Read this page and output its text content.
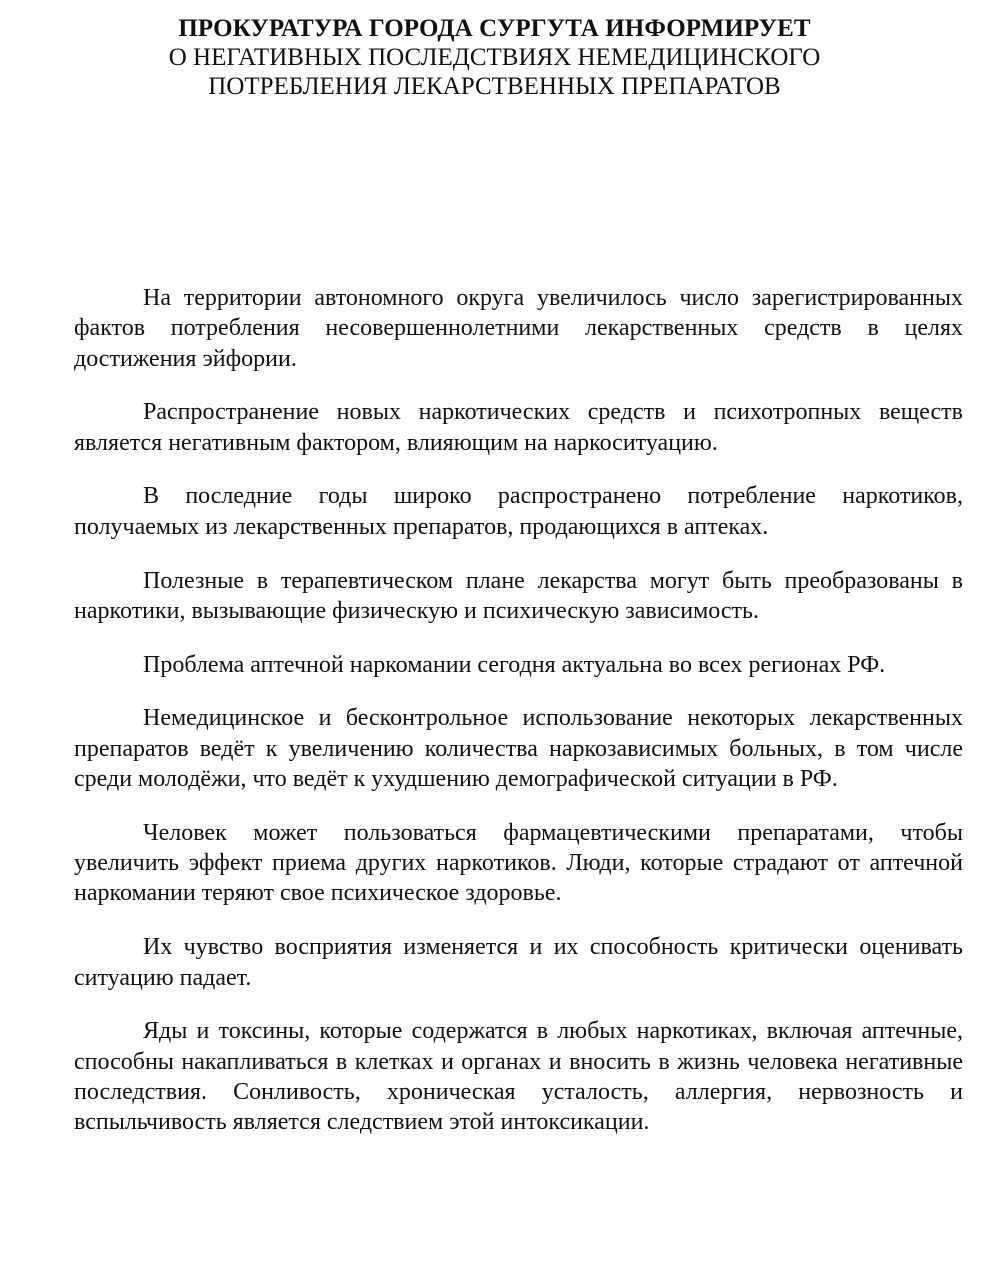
ПРОКУРАТУРА ГОРОДА СУРГУТА ИНФОРМИРУЕТ
О НЕГАТИВНЫХ ПОСЛЕДСТВИЯХ НЕМЕДИЦИНСКОГО
ПОТРЕБЛЕНИЯ ЛЕКАРСТВЕННЫХ ПРЕПАРАТОВ

На территории автономного округа увеличилось число зарегистрированных фактов потребления несовершеннолетними лекарственных средств в целях достижения эйфории.

Распространение новых наркотических средств и психотропных веществ является негативным фактором, влияющим на наркоситуацию.

В последние годы широко распространено потребление наркотиков, получаемых из лекарственных препаратов, продающихся в аптеках.

Полезные в терапевтическом плане лекарства могут быть преобразованы в наркотики, вызывающие физическую и психическую зависимость.

Проблема аптечной наркомании сегодня актуальна во всех регионах РФ.

Немедицинское и бесконтрольное использование некоторых лекарственных препаратов ведёт к увеличению количества наркозависимых больных, в том числе среди молодёжи, что ведёт к ухудшению демографической ситуации в РФ.

Человек может пользоваться фармацевтическими препаратами, чтобы увеличить эффект приема других наркотиков. Люди, которые страдают от аптечной наркомании теряют свое психическое здоровье.

Их чувство восприятия изменяется и их способность критически оценивать ситуацию падает.

Яды и токсины, которые содержатся в любых наркотиках, включая аптечные, способны накапливаться в клетках и органах и вносить в жизнь человека негативные последствия. Сонливость, хроническая усталость, аллергия, нервозность и вспыльчивость является следствием этой интоксикации.
